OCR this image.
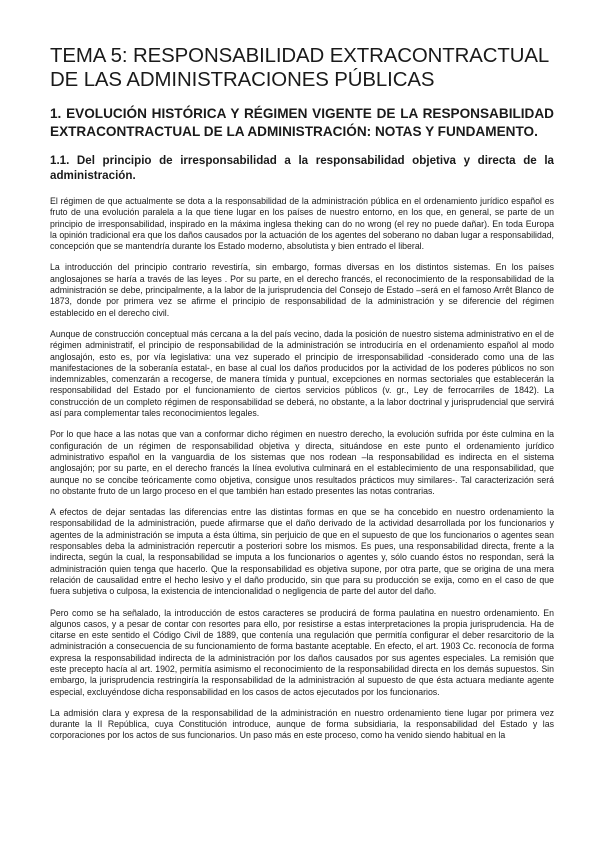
TEMA 5: RESPONSABILIDAD EXTRACONTRACTUAL
DE LAS ADMINISTRACIONES PÚBLICAS
1. EVOLUCIÓN HISTÓRICA Y RÉGIMEN VIGENTE DE LA RESPONSABILIDAD EXTRACONTRACTUAL DE LA ADMINISTRACIÓN: NOTAS Y FUNDAMENTO.
1.1. Del principio de irresponsabilidad a la responsabilidad objetiva y directa de la administración.

El régimen de que actualmente se dota a la responsabilidad de la administración pública en el ordenamiento jurídico español es fruto de una evolución paralela a la que tiene lugar en los países de nuestro entorno, en los que, en general, se parte de un principio de irresponsabilidad, inspirado en la máxima inglesa theking can do no wrong (el rey no puede dañar). En toda Europa la opinión tradicional era que los daños causados por la actuación de los agentes del soberano no daban lugar a responsabilidad, concepción que se mantendría durante los Estado moderno, absolutista y bien entrado el liberal.

La introducción del principio contrario revestiría, sin embargo, formas diversas en los distintos sistemas. En los países anglosajones se haría a través de las leyes . Por su parte, en el derecho francés, el reconocimiento de la responsabilidad de la administración se debe, principalmente, a la labor de la jurisprudencia del Consejo de Estado –será en el famoso Arrêt Blanco de 1873, donde por primera vez se afirme el principio de responsabilidad de la administración y se diferencie del régimen establecido en el derecho civil.

Aunque de construcción conceptual más cercana a la del país vecino, dada la posición de nuestro sistema administrativo en el de régimen administratif, el principio de responsabilidad de la administración se introduciría en el ordenamiento español al modo anglosajón, esto es, por vía legislativa: una vez superado el principio de irresponsabilidad -considerado como una de las manifestaciones de la soberanía estatal-, en base al cual los daños producidos por la actividad de los poderes públicos no son indemnizables, comenzarán a recogerse, de manera tímida y puntual, excepciones en normas sectoriales que establecerán la responsabilidad del Estado por el funcionamiento de ciertos servicios públicos (v. gr., Ley de ferrocarriles de 1842). La construcción de un completo régimen de responsabilidad se deberá, no obstante, a la labor doctrinal y jurisprudencial que servirá así para complementar tales reconocimientos legales.

Por lo que hace a las notas que van a conformar dicho régimen en nuestro derecho, la evolución sufrida por éste culmina en la configuración de un régimen de responsabilidad objetiva y directa, situándose en este punto el ordenamiento jurídico administrativo español en la vanguardia de los sistemas que nos rodean –la responsabilidad es indirecta en el sistema anglosajón; por su parte, en el derecho francés la línea evolutiva culminará en el establecimiento de una responsabilidad, que aunque no se concibe teóricamente como objetiva, consigue unos resultados prácticos muy similares-. Tal caracterización será no obstante fruto de un largo proceso en el que también han estado presentes las notas contrarias.

A efectos de dejar sentadas las diferencias entre las distintas formas en que se ha concebido en nuestro ordenamiento la responsabilidad de la administración, puede afirmarse que el daño derivado de la actividad desarrollada por los funcionarios y agentes de la administración se imputa a ésta última, sin perjuicio de que en el supuesto de que los funcionarios o agentes sean responsables deba la administración repercutir a posteriori sobre los mismos. Es pues, una responsabilidad directa, frente a la indirecta, según la cual, la responsabilidad se imputa a los funcionarios o agentes y, sólo cuando éstos no respondan, será la administración quien tenga que hacerlo. Que la responsabilidad es objetiva supone, por otra parte, que se origina de una mera relación de causalidad entre el hecho lesivo y el daño producido, sin que para su producción se exija, como en el caso de que fuera subjetiva o culposa, la existencia de intencionalidad o negligencia de parte del autor del daño.

Pero como se ha señalado, la introducción de estos caracteres se producirá de forma paulatina en nuestro ordenamiento. En algunos casos, y a pesar de contar con resortes para ello, por resistirse a estas interpretaciones la propia jurisprudencia. Ha de citarse en este sentido el Código Civil de 1889, que contenía una regulación que permitía configurar el deber resarcitorio de la administración a consecuencia de su funcionamiento de forma bastante aceptable. En efecto, el art. 1903 Cc. reconocía de forma expresa la responsabilidad indirecta de la administración por los daños causados por sus agentes especiales. La remisión que este precepto hacía al art. 1902, permitía asimismo el reconocimiento de la responsabilidad directa en los demás supuestos. Sin embargo, la jurisprudencia restringiría la responsabilidad de la administración al supuesto de que ésta actuara mediante agente especial, excluyéndose dicha responsabilidad en los casos de actos ejecutados por los funcionarios.

La admisión clara y expresa de la responsabilidad de la administración en nuestro ordenamiento tiene lugar por primera vez durante la II República, cuya Constitución introduce, aunque de forma subsidiaria, la responsabilidad del Estado y las corporaciones por los actos de sus funcionarios. Un paso más en este proceso, como ha venido siendo habitual en la
